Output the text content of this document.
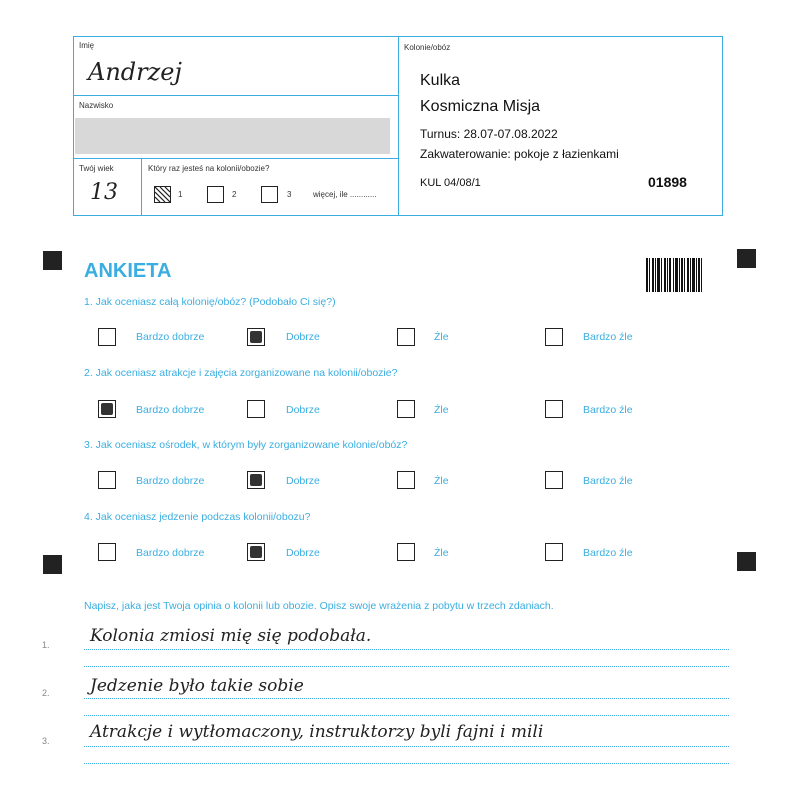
Imię
Andrzej
Nazwisko
Twój wiek
13
Który raz jesteś na kolonii/obozie?
1	2	3	więcej, ile ............
Kolonie/obóz
Kulka
Kosmiczna Misja
Turnus: 28.07-07.08.2022
Zakwaterowanie: pokoje z łazienkami
KUL 04/08/1	01898
ANKIETA
1. Jak oceniasz całą kolonię/obóz? (Podobało Ci się?)
Bardzo dobrze	Dobrze	Źle	Bardzo źle
2. Jak oceniasz atrakcje i zajęcia zorganizowane na kolonii/obozie?
Bardzo dobrze	Dobrze	Źle	Bardzo źle
3. Jak oceniasz ośrodek, w którym były zorganizowane kolonie/obóz?
Bardzo dobrze	Dobrze	Źle	Bardzo źle
4. Jak oceniasz jedzenie podczas kolonii/obozu?
Bardzo dobrze	Dobrze	Źle	Bardzo źle
Napisz, jaka jest Twoja opinia o kolonii lub obozie. Opisz swoje wrażenia z pobytu w trzech zdaniach.
1. Kolonia zmiosi mię się podobała.
2. Jedzenie było takie sobie
3. Atrakcje i wytłomaczony, instruktorzy byli fajni i mili
